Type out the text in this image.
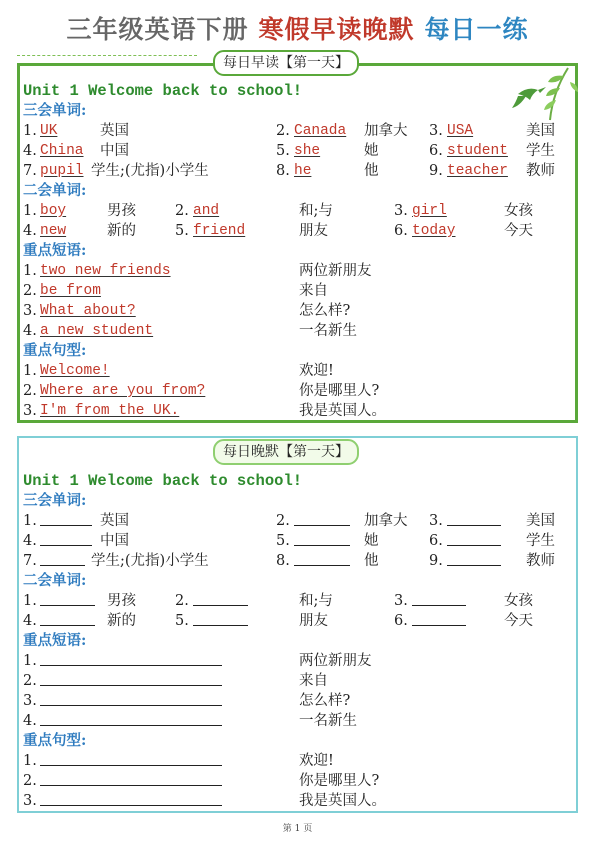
三年级英语下册 寒假早读晚默 每日一练
每日早读【第一天】
Unit 1 Welcome back to school!
三会单词:
1. UK	英国	2. Canada 加拿大 3. USA	美国
4. China 中国	5. she	她	6. student 学生
7. pupil 学生;(尤指)小学生	8. he	他	9. teacher 教师
二会单词:
1. boy	男孩	2. and	和;与	3. girl	女孩
4. new	新的	5. friend	朋友	6. today	今天
重点短语:
1. two new friends	两位新朋友
2. be from	来自
3. What about?	怎么样?
4. a new student	一名新生
重点句型:
1. Welcome!	欢迎!
2. Where are you from?	你是哪里人?
3. I'm from the UK.	我是英国人。
每日晚默【第一天】
Unit 1 Welcome back to school!
三会单词:
1.	英国	2.	加拿大 3.	美国
4.	中国	5.	她	6.	学生
7.	学生;(尤指)小学生	8.	他	9.	教师
二会单词:
1.	男孩	2.	和;与	3.	女孩
4.	新的	5.	朋友	6.	今天
重点短语:
1.	两位新朋友
2.	来自
3.	怎么样?
4.	一名新生
重点句型:
1.	欢迎!
2.	你是哪里人?
3.	我是英国人。
第 1 页
